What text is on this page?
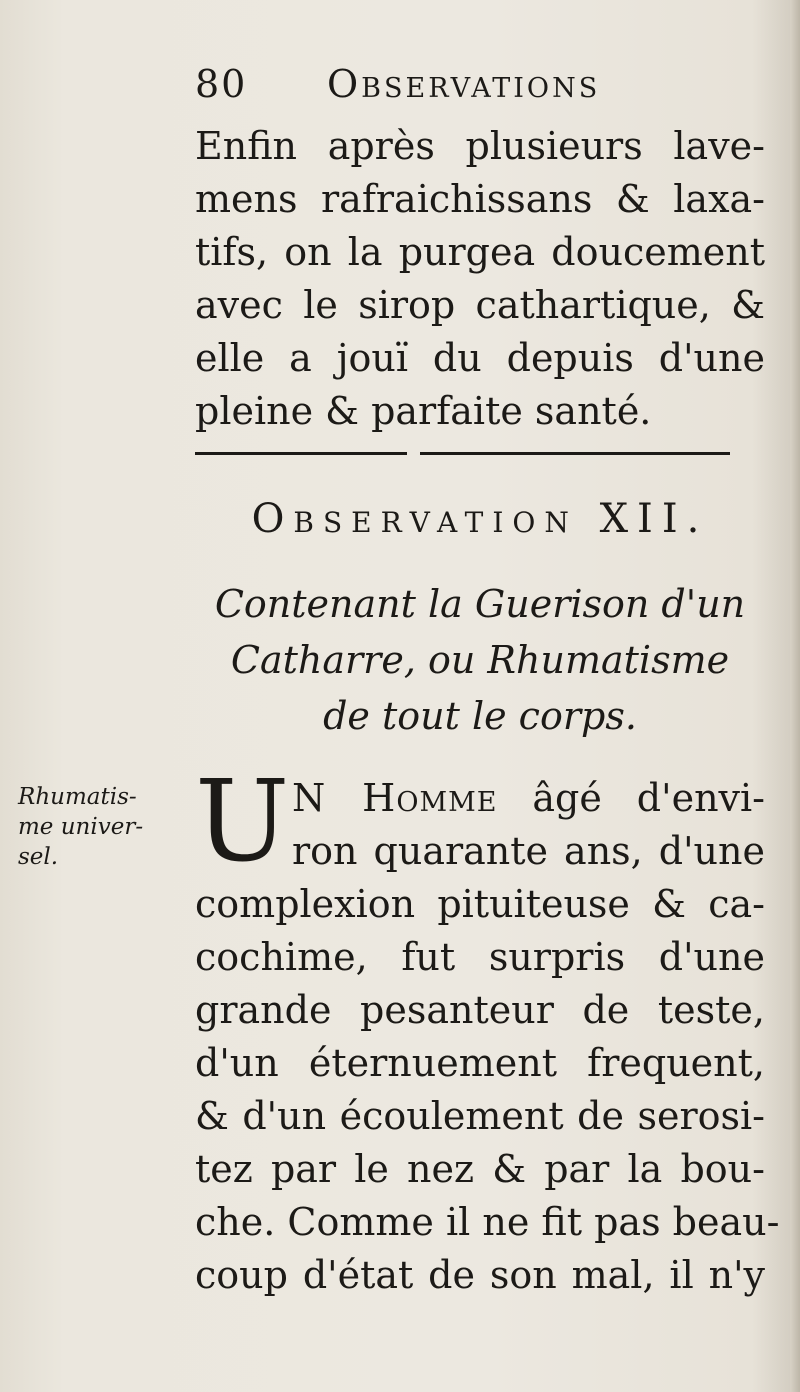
80 Observations
Enfin après plusieurs lave-
mens rafraichissans & laxa-
tifs, on la purgea doucement
avec le sirop cathartique, &
elle a jouï du depuis d'une
pleine & parfaite santé.
Observation XII.
Contenant la Guerison d'un
Catharre, ou Rhumatisme
de tout le corps.
Rhumatis-
me univer-
sel.	U N Homme âgé d'envi-
ron quarante ans, d'une
complexion pituiteuse & ca-
cochime, fut surpris d'une
grande pesanteur de teste,
d'un éternuement frequent,
& d'un écoulement de serosi-
tez par le nez & par la bou-
che. Comme il ne fit pas beau-
coup d'état de son mal, il n'y
